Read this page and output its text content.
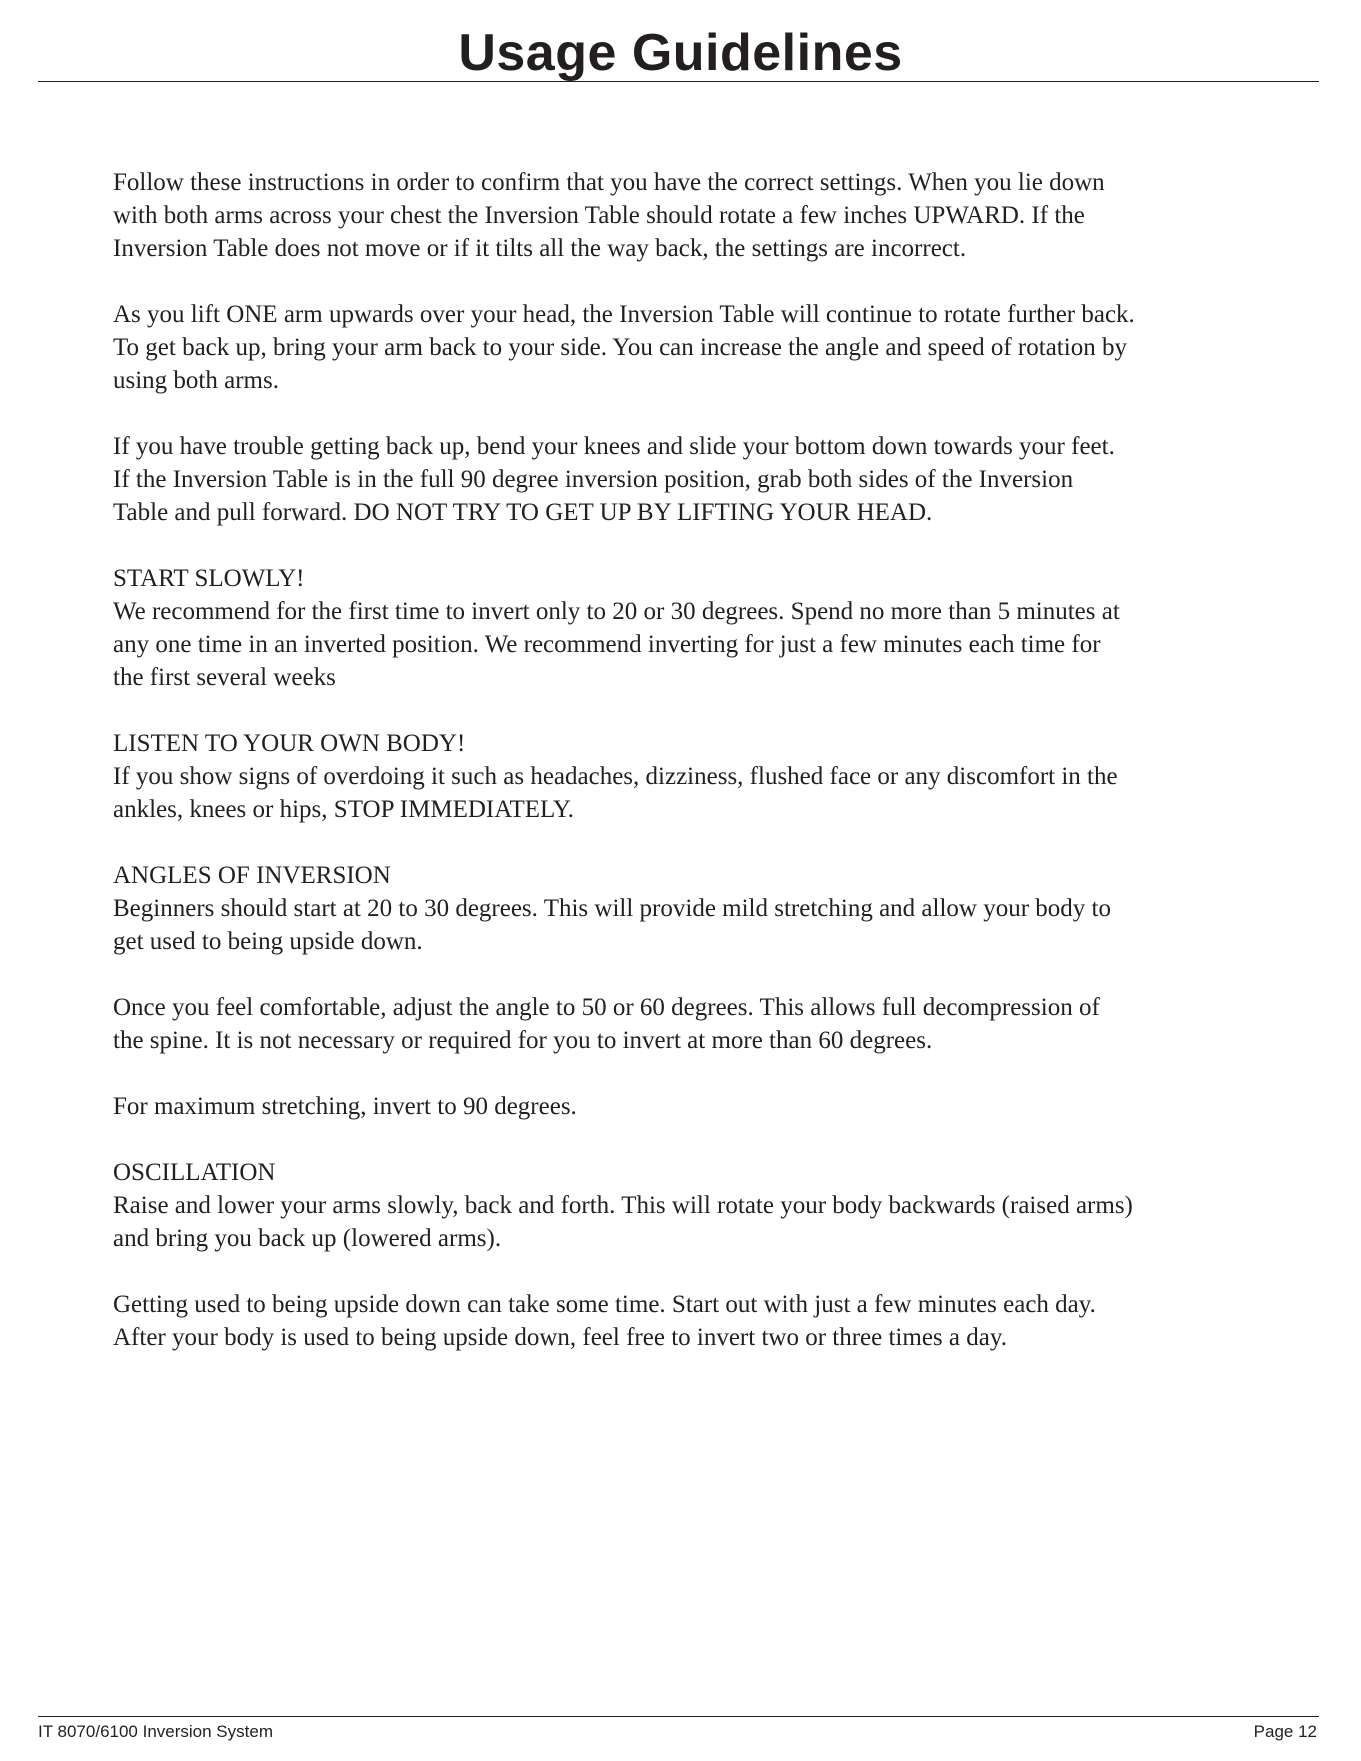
Usage Guidelines

Follow these instructions in order to confirm that you have the correct settings. When you lie down
with both arms across your chest the Inversion Table should rotate a few inches UPWARD. If the
Inversion Table does not move or if it tilts all the way back, the settings are incorrect.

As you lift ONE arm upwards over your head, the Inversion Table will continue to rotate further back.
To get back up, bring your arm back to your side. You can increase the angle and speed of rotation by
using both arms.

If you have trouble getting back up, bend your knees and slide your bottom down towards your feet.
If the Inversion Table is in the full 90 degree inversion position, grab both sides of the Inversion
Table and pull forward. DO NOT TRY TO GET UP BY LIFTING YOUR HEAD.

START SLOWLY!
We recommend for the first time to invert only to 20 or 30 degrees. Spend no more than 5 minutes at
any one time in an inverted position. We recommend inverting for just a few minutes each time for
the first several weeks

LISTEN TO YOUR OWN BODY!
If you show signs of overdoing it such as headaches, dizziness, flushed face or any discomfort in the
ankles, knees or hips, STOP IMMEDIATELY.

ANGLES OF INVERSION
Beginners should start at 20 to 30 degrees. This will provide mild stretching and allow your body to
get used to being upside down.

Once you feel comfortable, adjust the angle to 50 or 60 degrees. This allows full decompression of
the spine. It is not necessary or required for you to invert at more than 60 degrees.

For maximum stretching, invert to 90 degrees.

OSCILLATION
Raise and lower your arms slowly, back and forth. This will rotate your body backwards (raised arms)
and bring you back up (lowered arms).

Getting used to being upside down can take some time. Start out with just a few minutes each day.
After your body is used to being upside down, feel free to invert two or three times a day.

IT 8070/6100 Inversion System	Page 12
